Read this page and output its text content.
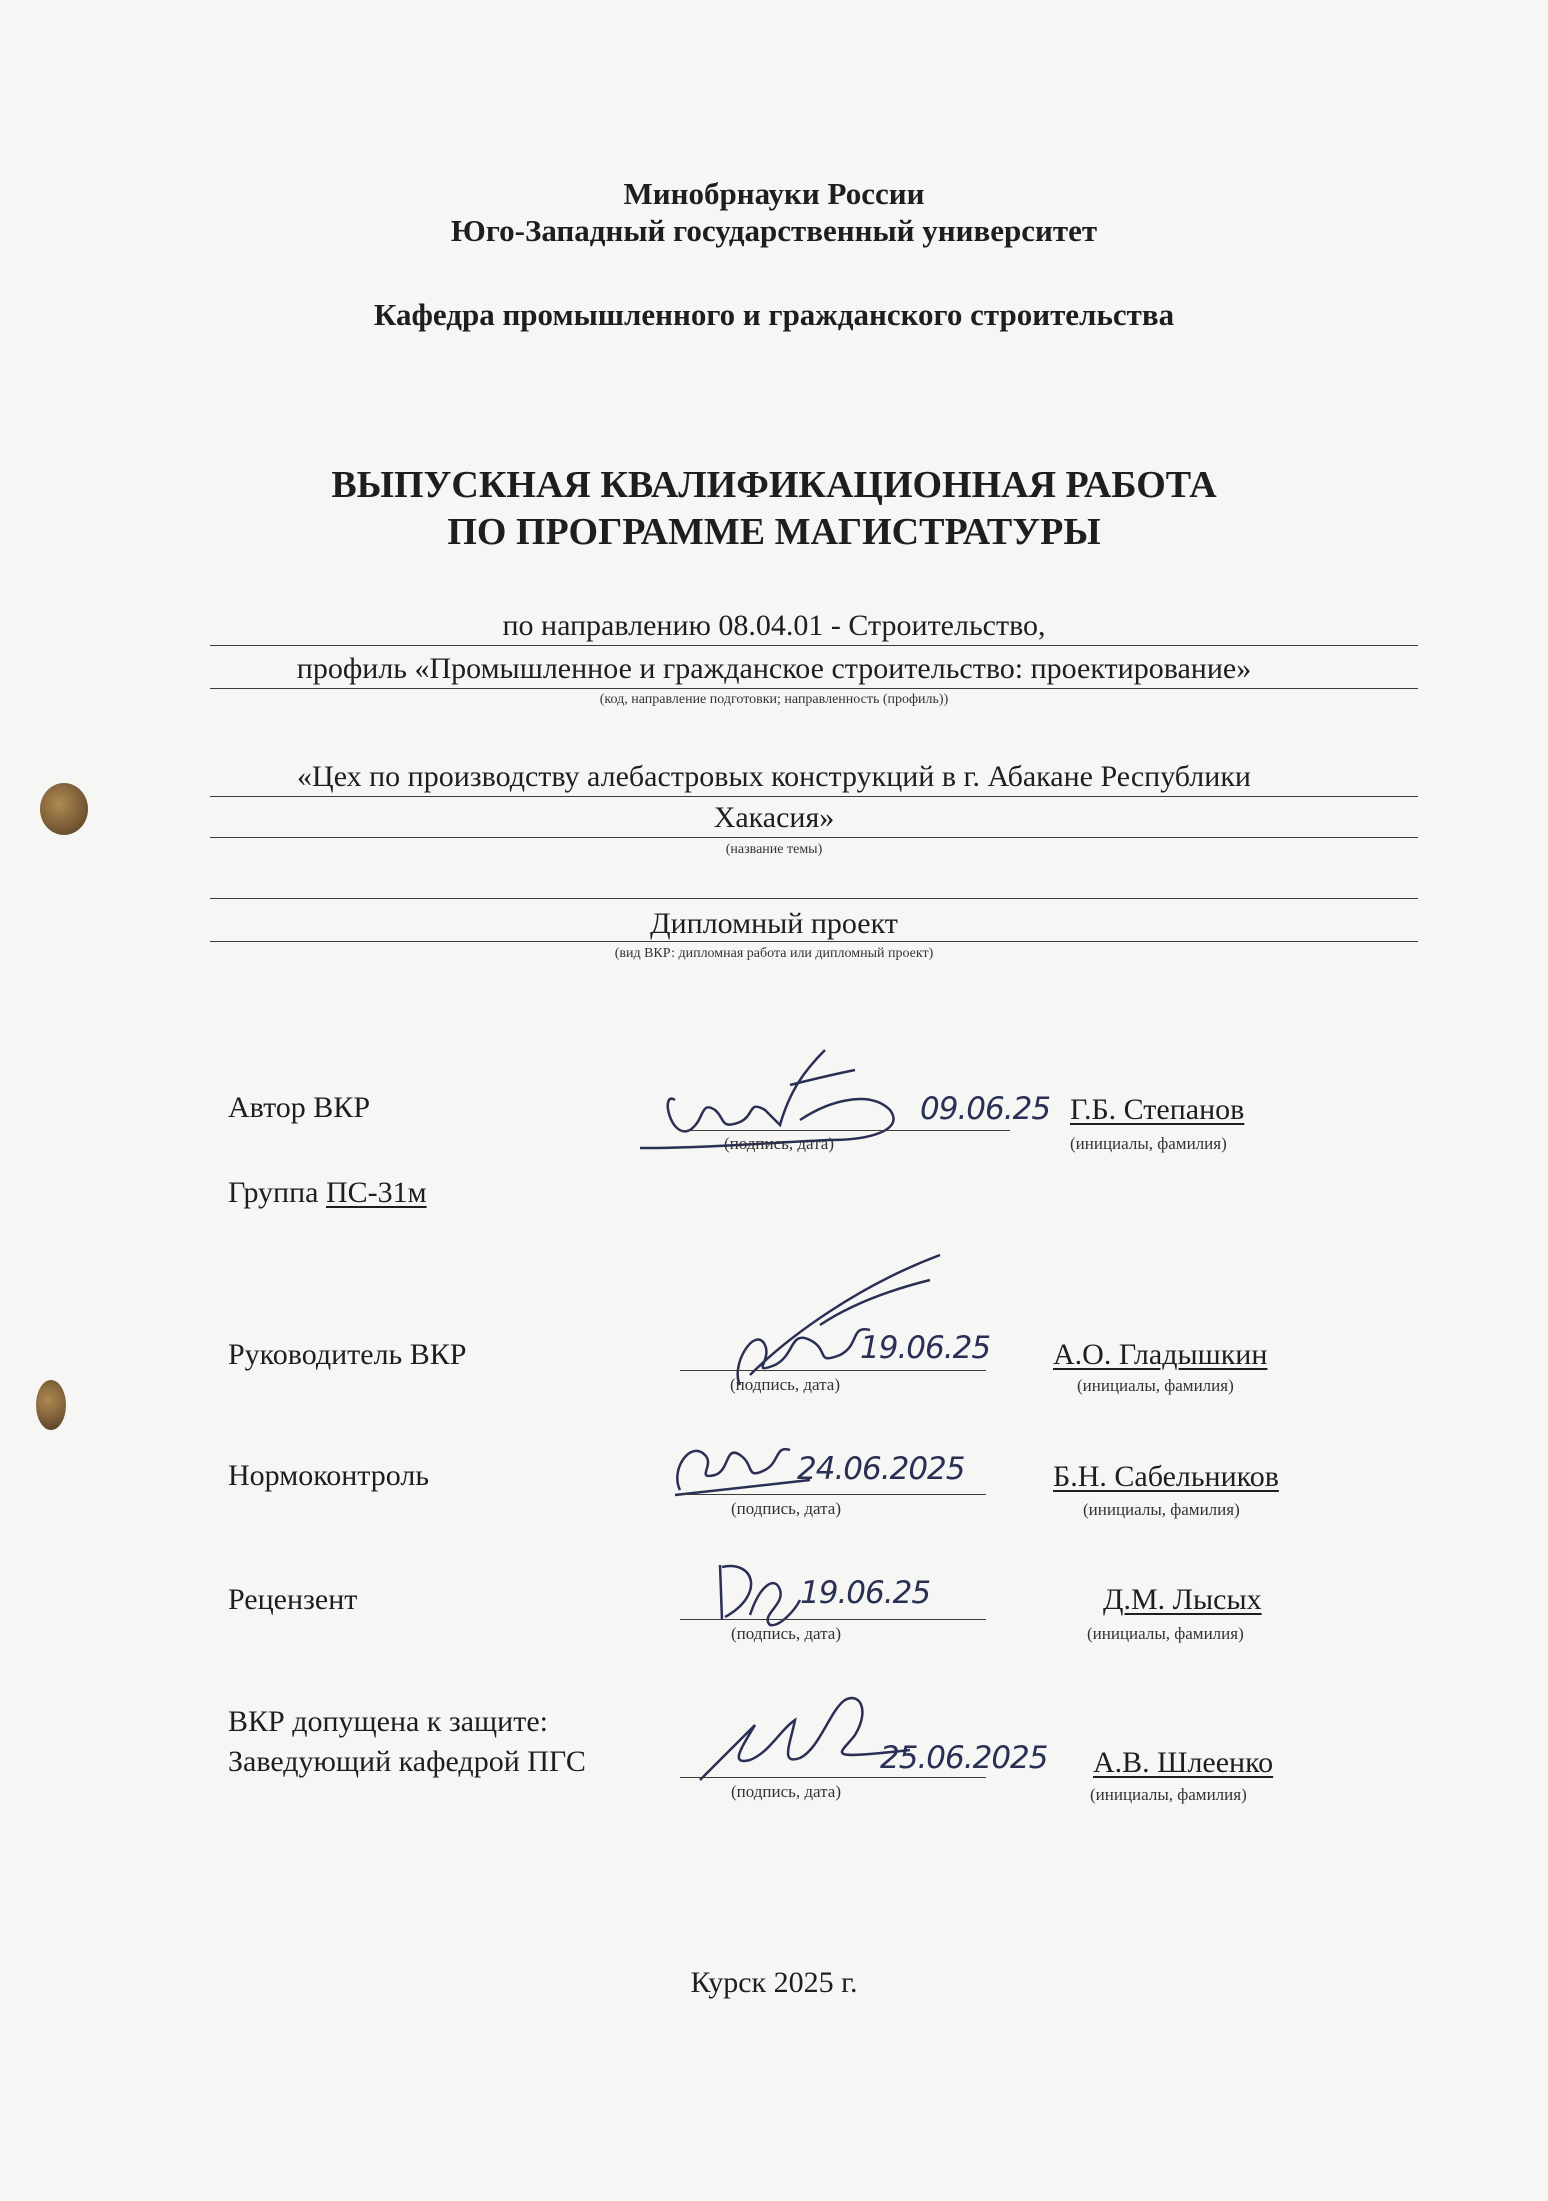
Минобрнауки России
Юго-Западный государственный университет
Кафедра промышленного и гражданского строительства
ВЫПУСКНАЯ КВАЛИФИКАЦИОННАЯ РАБОТА
ПО ПРОГРАММЕ МАГИСТРАТУРЫ
по направлению 08.04.01 - Строительство,
профиль «Промышленное и гражданское строительство: проектирование»
(код, направление подготовки; направленность (профиль))
«Цех по производству алебастровых конструкций в г. Абакане Республики
Хакасия»
(название темы)
Дипломный проект
(вид ВКР: дипломная работа или дипломный проект)
Автор ВКР	09.06.25
(подпись, дата)
Г.Б. Степанов
(инициалы, фамилия)
Группа ПС-31м
Руководитель ВКР	19.06.25
(подпись, дата)
А.О. Гладышкин
(инициалы, фамилия)
Нормоконтроль	24.06.2025
(подпись, дата)
Б.Н. Сабельников
(инициалы, фамилия)
Рецензент	19.06.25
(подпись, дата)
Д.М. Лысых
(инициалы, фамилия)
ВКР допущена к защите:
Заведующий кафедрой ПГС	25.06.2025
(подпись, дата)
А.В. Шлеенко
(инициалы, фамилия)
Курск 2025 г.
